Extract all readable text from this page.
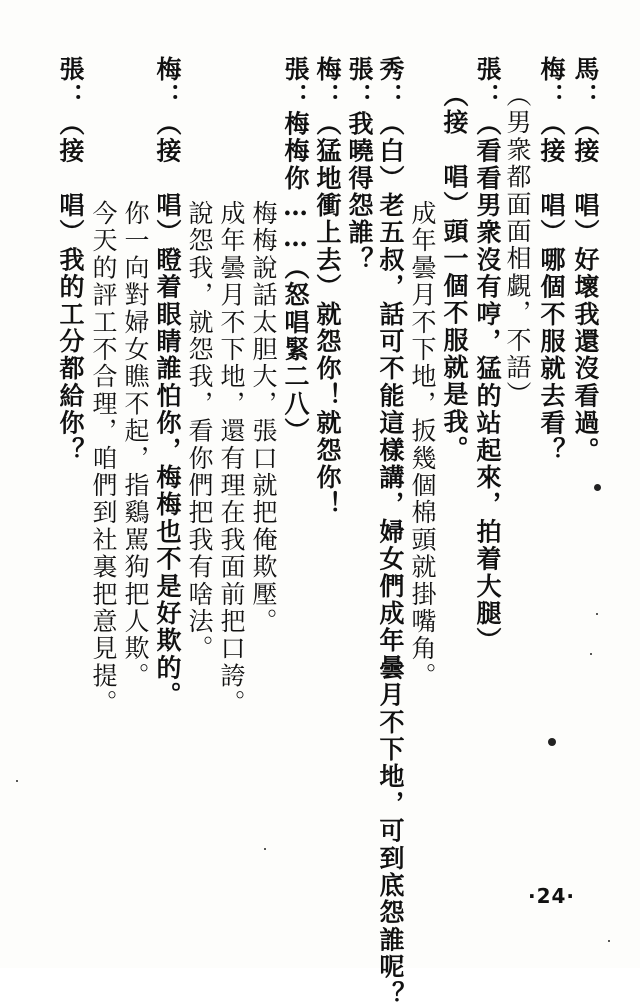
馬：（接　唱）好壞我還沒看過。
梅：（接　唱）哪個不服就去看？
（男衆都面面相覷，不語）
張：（看看男衆沒有哼，猛的站起來，拍着大腿）
（接　唱）頭一個不服就是我。
成年曇月不下地，扳幾個棉頭就掛嘴角。
秀：（白）老五叔，話可不能這樣講，婦女們成年曇月不下地，可到底怨誰呢？
張：我曉得怨誰？
梅：（猛地衝上去）就怨你！就怨你！
張：梅梅你……（怒唱緊二八）
梅梅說話太胆大，張口就把俺欺壓。
成年曇月不下地，還有理在我面前把口誇。
說怨我，就怨我，看你們把我有啥法。
梅：（接　唱）瞪着眼睛誰怕你，梅梅也不是好欺的。
你一向對婦女瞧不起，指鷄駡狗把人欺。
今天的評工不合理，咱們到社裏把意見提。
張：（接　唱）我的工分都給你？
·24·
